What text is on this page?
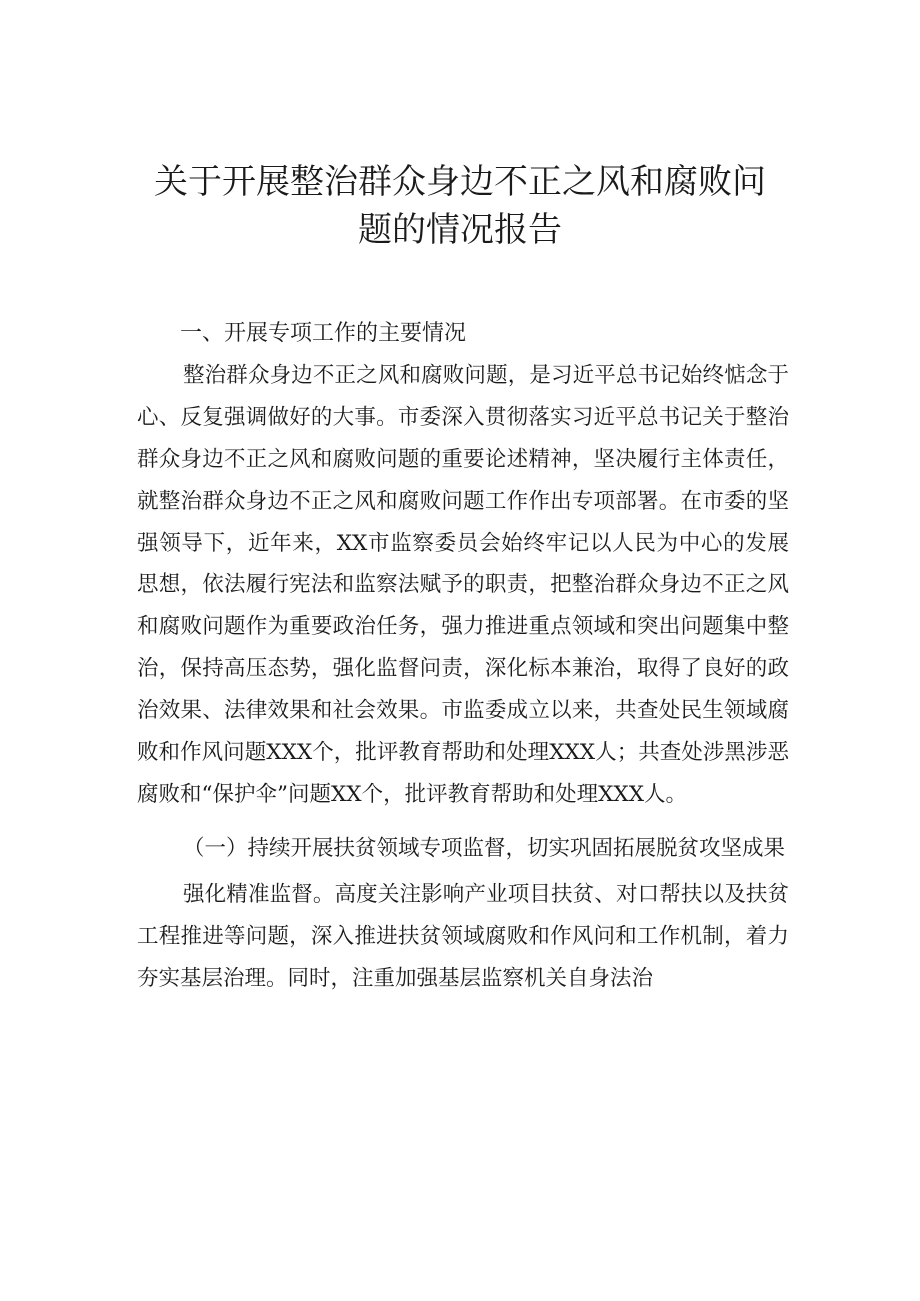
关于开展整治群众身边不正之风和腐败问
题的情况报告

一、开展专项工作的主要情况

整治群众身边不正之风和腐败问题，是习近平总书记始终惦念于心、反复强调做好的大事。市委深入贯彻落实习近平总书记关于整治群众身边不正之风和腐败问题的重要论述精神，坚决履行主体责任，就整治群众身边不正之风和腐败问题工作作出专项部署。在市委的坚强领导下，近年来，XX市监察委员会始终牢记以人民为中心的发展思想，依法履行宪法和监察法赋予的职责，把整治群众身边不正之风和腐败问题作为重要政治任务，强力推进重点领域和突出问题集中整治，保持高压态势，强化监督问责，深化标本兼治，取得了良好的政治效果、法律效果和社会效果。市监委成立以来，共查处民生领域腐败和作风问题XXX个，批评教育帮助和处理XXX人；共查处涉黑涉恶腐败和“保护伞”问题XX个，批评教育帮助和处理XXX人。

（一）持续开展扶贫领域专项监督，切实巩固拓展脱贫攻坚成果

强化精准监督。高度关注影响产业项目扶贫、对口帮扶以及扶贫工程推进等问题，深入推进扶贫领域腐败和作风问和工作机制，着力夯实基层治理。同时，注重加强基层监察机关自身法治
